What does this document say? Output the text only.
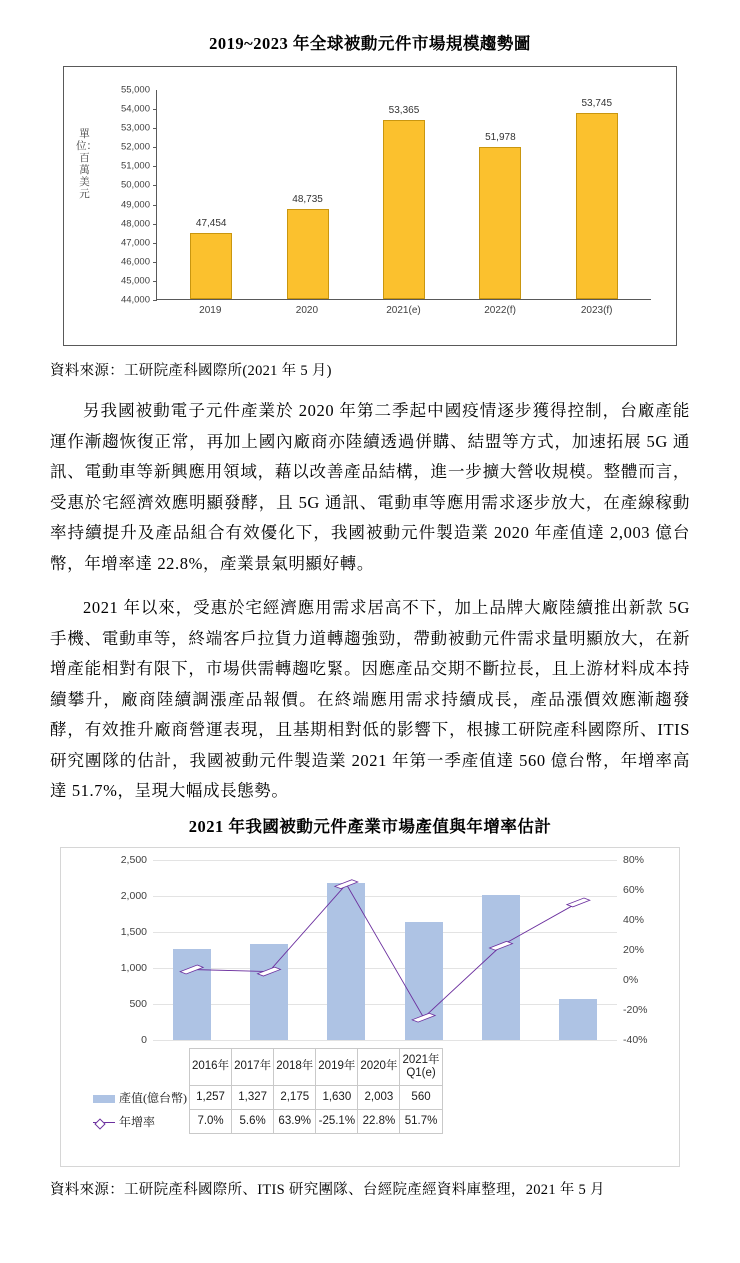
2019~2023 年全球被動元件市場規模趨勢圖
單位：百萬美元
55,000
54,000
53,000
52,000
51,000
50,000
49,000
48,000
47,000
46,000
45,000
44,000
47,454
48,735
53,365
51,978
53,745
2019	2020	2021(e)	2022(f)	2023(f)
資料來源：工研院產科國際所(2021 年 5 月)

另我國被動電子元件產業於 2020 年第二季起中國疫情逐步獲得控制，台廠產能運作漸趨恢復正常，再加上國內廠商亦陸續透過併購、結盟等方式，加速拓展 5G 通訊、電動車等新興應用領域，藉以改善產品結構，進一步擴大營收規模。整體而言，受惠於宅經濟效應明顯發酵，且 5G 通訊、電動車等應用需求逐步放大，在產線稼動率持續提升及產品組合有效優化下，我國被動元件製造業 2020 年產值達 2,003 億台幣，年增率達 22.8%，產業景氣明顯好轉。

2021 年以來，受惠於宅經濟應用需求居高不下，加上品牌大廠陸續推出新款 5G 手機、電動車等，終端客戶拉貨力道轉趨強勁，帶動被動元件需求量明顯放大，在新增產能相對有限下，市場供需轉趨吃緊。因應產品交期不斷拉長，且上游材料成本持續攀升，廠商陸續調漲產品報價。在終端應用需求持續成長，產品漲價效應漸趨發酵，有效推升廠商營運表現，且基期相對低的影響下，根據工研院產科國際所、ITIS 研究團隊的估計，我國被動元件製造業 2021 年第一季產值達 560 億台幣，年增率高達 51.7%，呈現大幅成長態勢。

2021 年我國被動元件產業市場產值與年增率估計
2,500
2,000
1,500
1,000
500
0
80%
60%
40%
20%
0%
-20%
-40%
	2016年	2017年	2018年	2019年	2020年	2021年
Q1(e)
產值(億台幣)	1,257	1,327	2,175	1,630	2,003	560
年增率	7.0%	5.6%	63.9%	-25.1%	22.8%	51.7%
資料來源：工研院產科國際所、ITIS 研究團隊、台經院產經資料庫整理，2021 年 5 月
